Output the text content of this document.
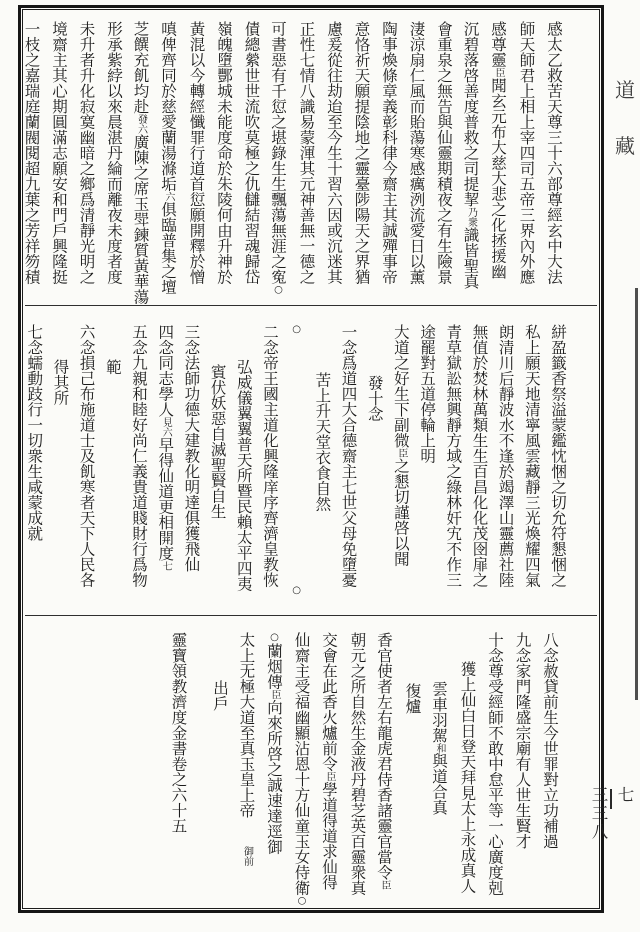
感太乙救苦天尊三十六部尊經玄中大法
師天師君上相上宰四司五帝三界內外應
感尊靈臣聞玄元布大慈大悲之化拯援幽
沉碧落啓善度普救之司提挈乃衆識皆聖真
會重泉之無告與仙靈期積夜之有生險景
淒涼扇仁風而貽蕩寒感癘洌流愛日以薰
陶事煥條章義彰科律今齋主其誠殫事帝
意恪祈天願提陰地之靈臺陟陽天之界猶
慮爰從往劫迨至今生十習六因或沉迷其
正性七情八識易蒙渾其元神善無一德之
可書惡有千愆之堪錄生生飄蕩無涯之寃○
債總縈世世流吹莫極之仇讎結習魂歸岱
嶺魄墮酆城未能度命於朱陵何由升神於
黃混以今轉經懺罪行道首愆願開釋於憎
嗔俾齊同於慈愛蘭湯滌垢六俱臨普集之壇
芝饌充飢均赴發六廣陳之席玉斝鍊質黃華蕩
形承紫綍以來晨湛丹綸而離夜未度者度
未升者升化寂寞幽暗之鄉爲清靜光明之
境齋主其心期圓滿志願安和門戶興隆挺
一枝之嘉瑞庭蘭閥閱超九葉之芳祥笏積
絣盈籤香祭溢蒙鑑忱悃之切允符懇悃之
私上願天地清寧風雲藏靜三光煥耀四氣
朗清川后靜波水不逢於竭澤山靈薦社陸
無值於焚林萬類生生百昌化化茂囹扉之
青草獄訟無興靜方域之綠林奸宄不作三
途罷對五道停輪上明
大道之好生下副微臣之懇切謹啓以聞
發十念
一念爲道四大合德齋主七世父母免墮憂
苦上升天堂衣食自然
○○
二念帝王國主道化興隆庠序齊濟皇教恢
弘威儀翼翼普天所暨民賴太平四夷
賓伏妖惡自滅聖賢自生
三念法師功德大建教化明達俱獲飛仙
四念同志學人見六早得仙道更相開度七
五念九親和睦好尚仁義貴道賤財行爲物
範
六念損己布施道士及飢寒者天下人民各
得其所
七念蠕動跂行一切衆生咸蒙成就
八念赦貸前生今世罪對立功補過
九念家門隆盛宗廟有人世生賢才
十念尊受經師不敢中怠平等一心廣度剋
獲上仙白日登天拜見太上永成真人
雲車羽駕和與道合真
復爐
香官使者左右龍虎君侍香諸靈官當令臣
朝元之所自然生金液丹碧芝英百靈衆真
交會在此香火爐前令臣學道得道求仙得
仙齋主受福幽顯沾恩十方仙童玉女侍衛○
○蘭烟傳臣向來所啓之誠速達逕御
太上无極大道至真玉皇上帝御前
出戶
靈寶領教濟度金書卷之六十五
道
藏
七
三三八
